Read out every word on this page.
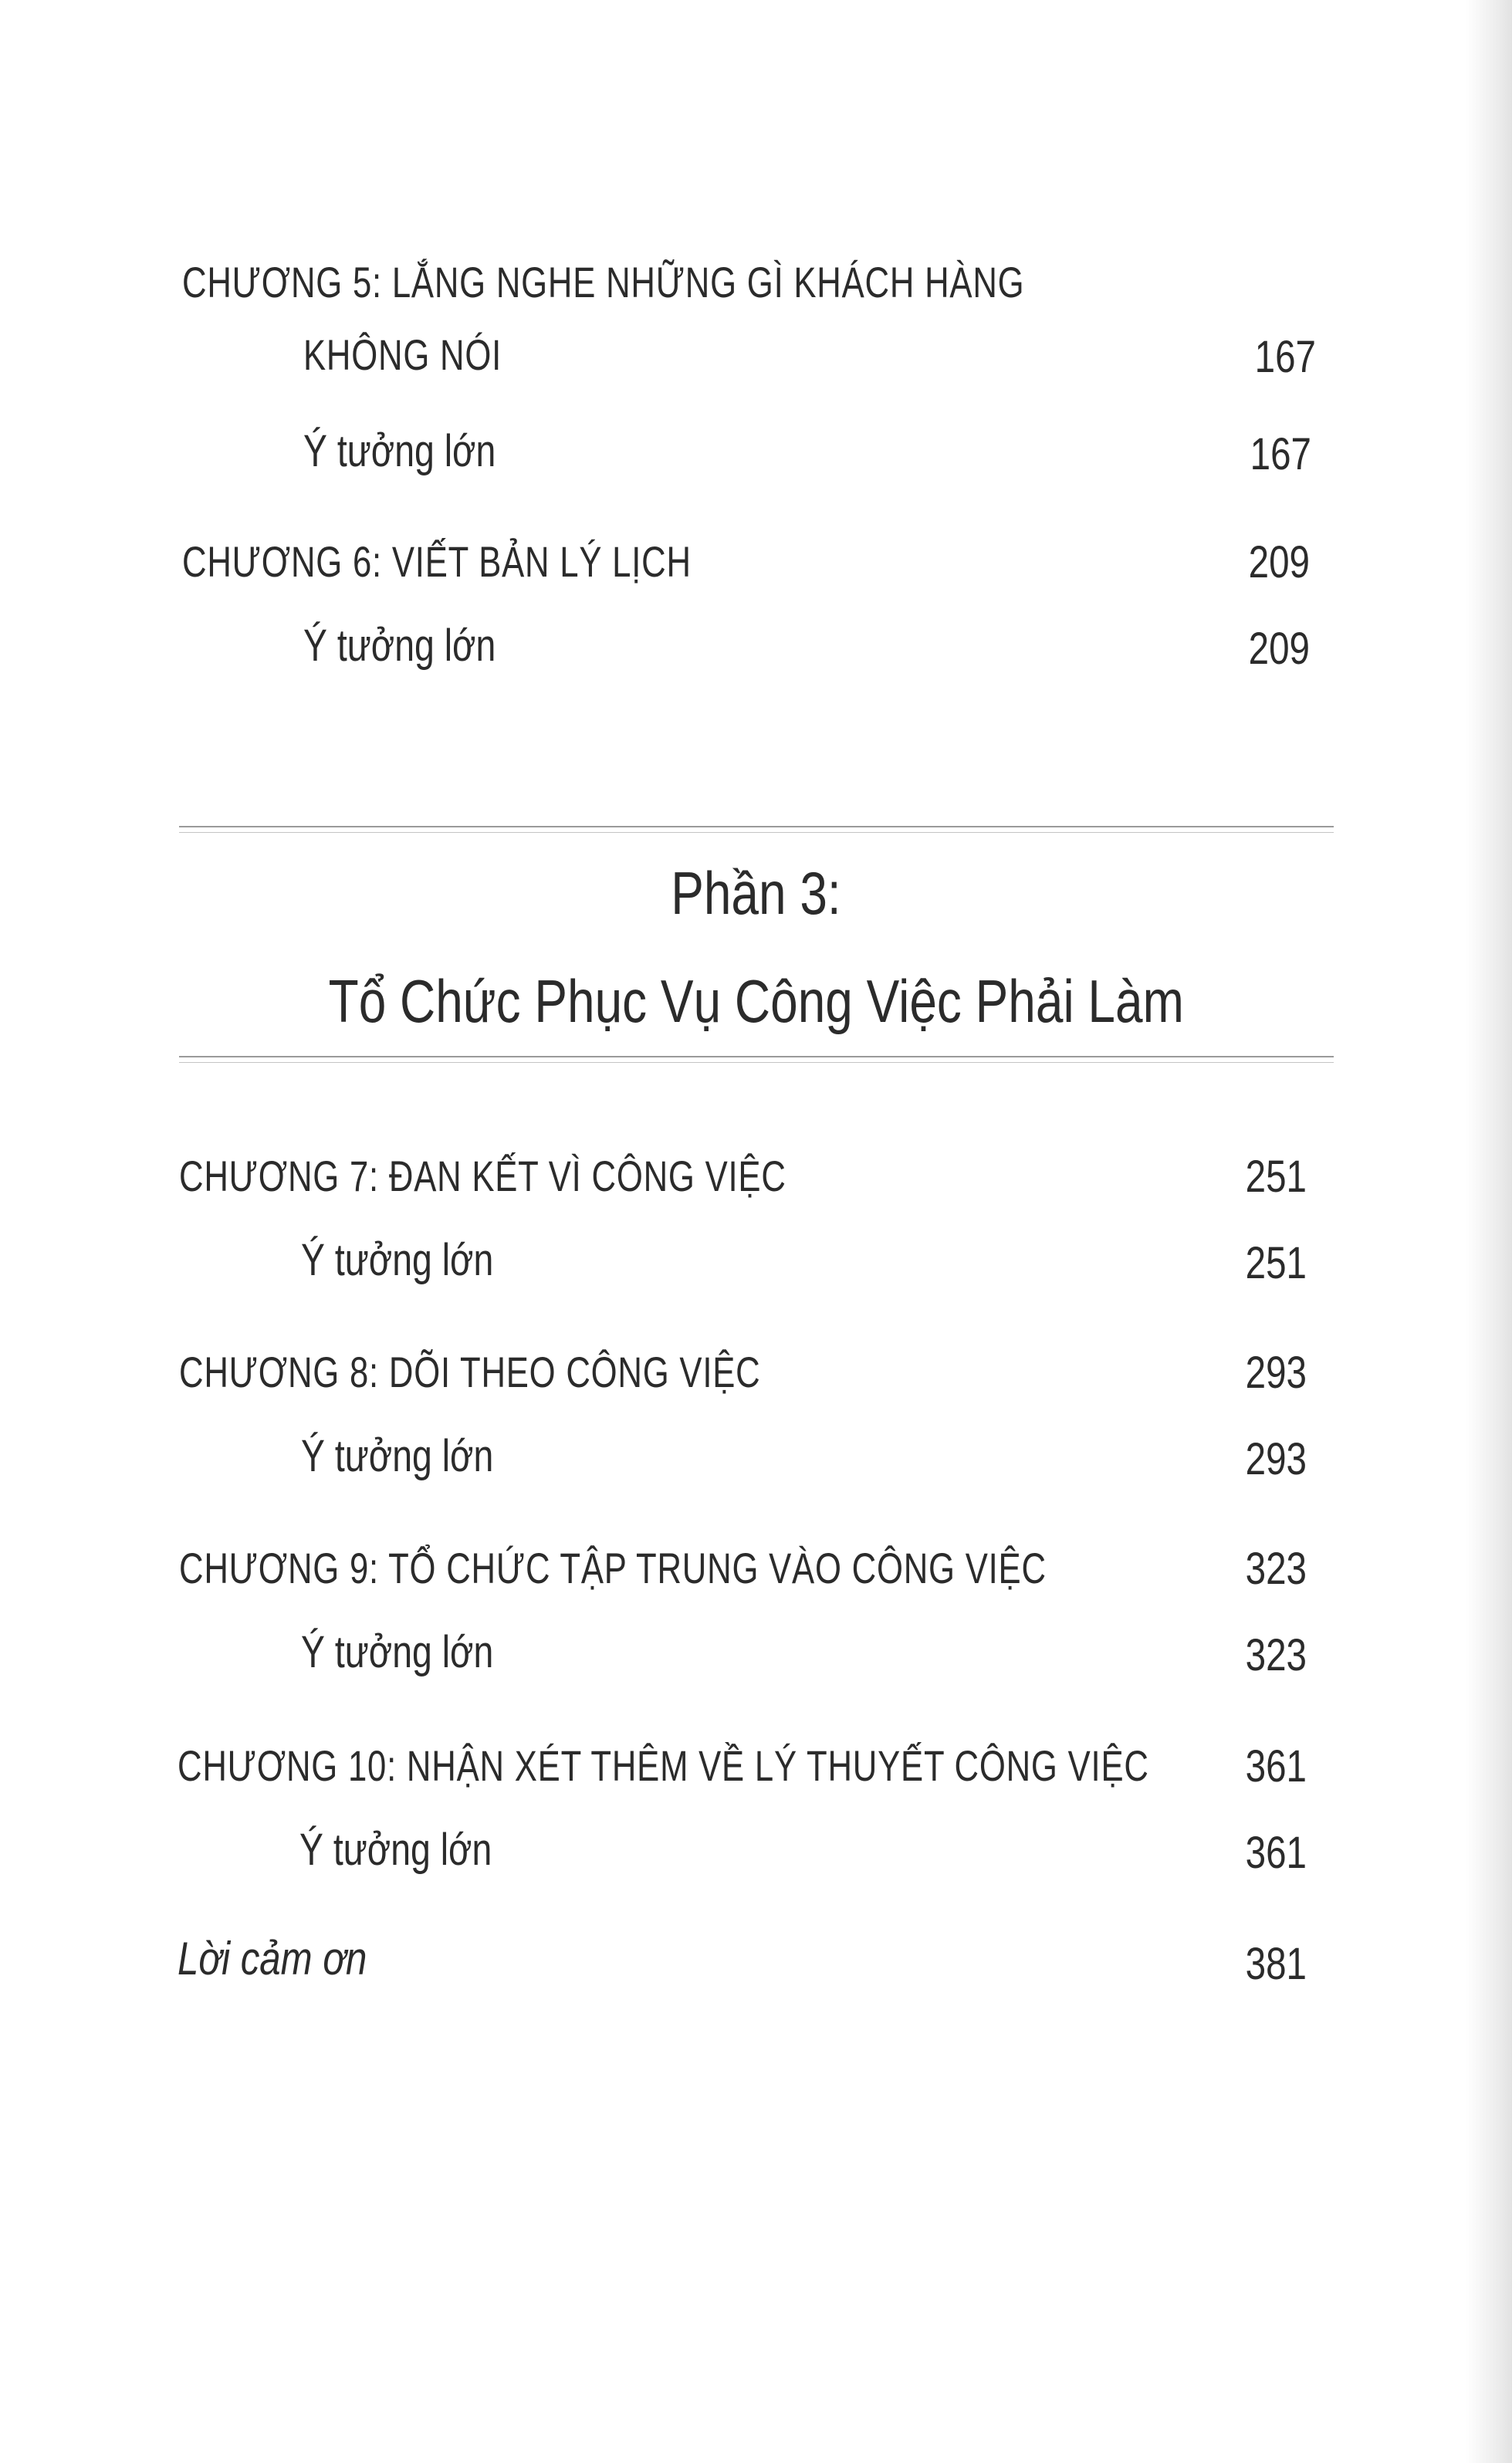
CHƯƠNG 5: LẮNG NGHE NHỮNG GÌ KHÁCH HÀNG
KHÔNG NÓI	167
Ý tưởng lớn	167
CHƯƠNG 6: VIẾT BẢN LÝ LỊCH	209
Ý tưởng lớn	209
Phần 3:
Tổ Chức Phục Vụ Công Việc Phải Làm
CHƯƠNG 7: ĐAN KẾT VÌ CÔNG VIỆC	251
Ý tưởng lớn	251
CHƯƠNG 8: DÕI THEO CÔNG VIỆC	293
Ý tưởng lớn	293
CHƯƠNG 9: TỔ CHỨC TẬP TRUNG VÀO CÔNG VIỆC	323
Ý tưởng lớn	323
CHƯƠNG 10: NHẬN XÉT THÊM VỀ LÝ THUYẾT CÔNG VIỆC	361
Ý tưởng lớn	361
Lời cảm ơn	381
